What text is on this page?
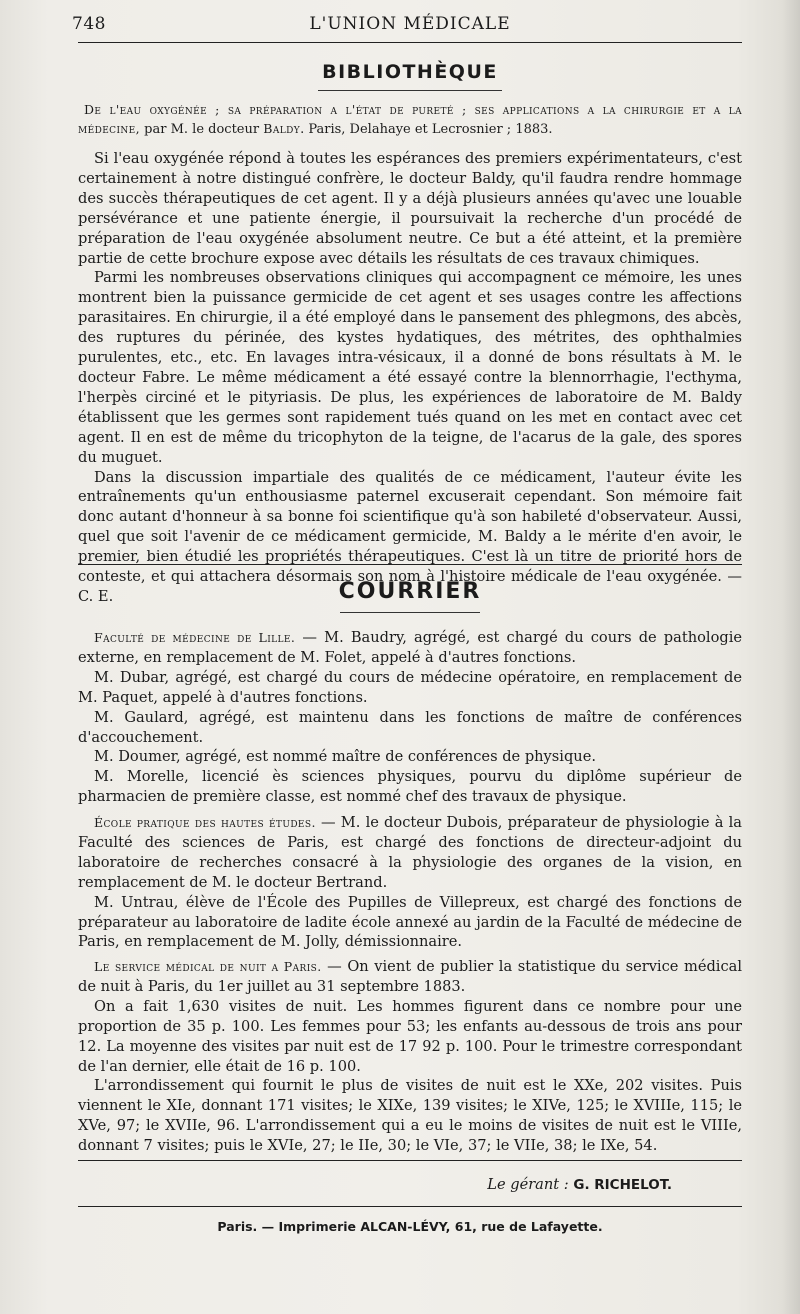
748	L'UNION MÉDICALE
BIBLIOTHÈQUE
De l'eau oxygénée ; sa préparation a l'état de pureté ; ses applications a la chirurgie et a la médecine, par M. le docteur Baldy. Paris, Delahaye et Lecrosnier ; 1883.

Si l'eau oxygénée répond à toutes les espérances des premiers expérimentateurs, c'est certainement à notre distingué confrère, le docteur Baldy, qu'il faudra rendre hommage des succès thérapeutiques de cet agent. Il y a déjà plusieurs années qu'avec une louable persévérance et une patiente énergie, il poursuivait la recherche d'un procédé de préparation de l'eau oxygénée absolument neutre. Ce but a été atteint, et la première partie de cette brochure expose avec détails les résultats de ces travaux chimiques.

Parmi les nombreuses observations cliniques qui accompagnent ce mémoire, les unes montrent bien la puissance germicide de cet agent et ses usages contre les affections parasitaires. En chirurgie, il a été employé dans le pansement des phlegmons, des abcès, des ruptures du périnée, des kystes hydatiques, des métrites, des ophthalmies purulentes, etc., etc. En lavages intra-vésicaux, il a donné de bons résultats à M. le docteur Fabre. Le même médicament a été essayé contre la blennorrhagie, l'ecthyma, l'herpès circiné et le pityriasis. De plus, les expériences de laboratoire de M. Baldy établissent que les germes sont rapidement tués quand on les met en contact avec cet agent. Il en est de même du tricophyton de la teigne, de l'acarus de la gale, des spores du muguet.

Dans la discussion impartiale des qualités de ce médicament, l'auteur évite les entraînements qu'un enthousiasme paternel excuserait cependant. Son mémoire fait donc autant d'honneur à sa bonne foi scientifique qu'à son habileté d'observateur. Aussi, quel que soit l'avenir de ce médicament germicide, M. Baldy a le mérite d'en avoir, le premier, bien étudié les propriétés thérapeutiques. C'est là un titre de priorité hors de conteste, et qui attachera désormais son nom à l'histoire médicale de l'eau oxygénée. — C. E.	COURRIER

Faculté de médecine de Lille. — M. Baudry, agrégé, est chargé du cours de pathologie externe, en remplacement de M. Folet, appelé à d'autres fonctions.

M. Dubar, agrégé, est chargé du cours de médecine opératoire, en remplacement de M. Paquet, appelé à d'autres fonctions.

M. Gaulard, agrégé, est maintenu dans les fonctions de maître de conférences d'accouchement.

M. Doumer, agrégé, est nommé maître de conférences de physique.

M. Morelle, licencié ès sciences physiques, pourvu du diplôme supérieur de pharmacien de première classe, est nommé chef des travaux de physique.

École pratique des hautes études. — M. le docteur Dubois, préparateur de physiologie à la Faculté des sciences de Paris, est chargé des fonctions de directeur-adjoint du laboratoire de recherches consacré à la physiologie des organes de la vision, en remplacement de M. le docteur Bertrand.

M. Untrau, élève de l'École des Pupilles de Villepreux, est chargé des fonctions de préparateur au laboratoire de ladite école annexé au jardin de la Faculté de médecine de Paris, en remplacement de M. Jolly, démissionnaire.

Le service médical de nuit a Paris. — On vient de publier la statistique du service médical de nuit à Paris, du 1er juillet au 31 septembre 1883.

On a fait 1,630 visites de nuit. Les hommes figurent dans ce nombre pour une proportion de 35 p. 100. Les femmes pour 53; les enfants au-dessous de trois ans pour 12. La moyenne des visites par nuit est de 17 92 p. 100. Pour le trimestre correspondant de l'an dernier, elle était de 16 p. 100.

L'arrondissement qui fournit le plus de visites de nuit est le XXe, 202 visites. Puis viennent le XIe, donnant 171 visites; le XIXe, 139 visites; le XIVe, 125; le XVIIIe, 115; le XVe, 97; le XVIIe, 96. L'arrondissement qui a eu le moins de visites de nuit est le VIIIe, donnant 7 visites; puis le XVIe, 27; le IIe, 30; le VIe, 37; le VIIe, 38; le IXe, 54.

Le gérant : G. RICHELOT.
Paris. — Imprimerie ALCAN-LÉVY, 61, rue de Lafayette.
